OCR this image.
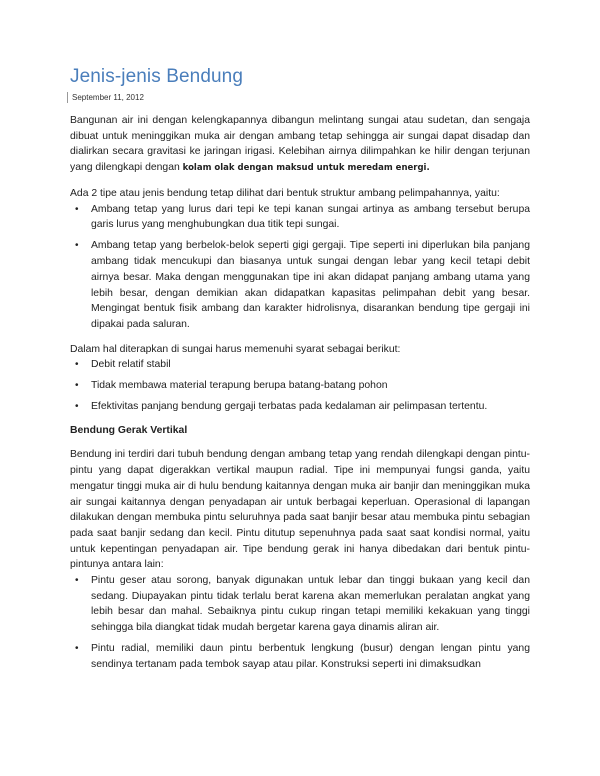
Jenis-jenis Bendung
September 11, 2012

Bangunan air ini dengan kelengkapannya dibangun melintang sungai atau sudetan, dan sengaja dibuat untuk meninggikan muka air dengan ambang tetap sehingga air sungai dapat disadap dan dialirkan secara gravitasi ke jaringan irigasi. Kelebihan airnya dilimpahkan ke hilir dengan terjunan yang dilengkapi dengan kolam olak dengan maksud untuk meredam energi.

Ada 2 tipe atau jenis bendung tetap dilihat dari bentuk struktur ambang pelimpahannya, yaitu:

• Ambang tetap yang lurus dari tepi ke tepi kanan sungai artinya as ambang tersebut berupa garis lurus yang menghubungkan dua titik tepi sungai.
• Ambang tetap yang berbelok-belok seperti gigi gergaji. Tipe seperti ini diperlukan bila panjang ambang tidak mencukupi dan biasanya untuk sungai dengan lebar yang kecil tetapi debit airnya besar. Maka dengan menggunakan tipe ini akan didapat panjang ambang utama yang lebih besar, dengan demikian akan didapatkan kapasitas pelimpahan debit yang besar. Mengingat bentuk fisik ambang dan karakter hidrolisnya, disarankan bendung tipe gergaji ini dipakai pada saluran.

Dalam hal diterapkan di sungai harus memenuhi syarat sebagai berikut:

• Debit relatif stabil
• Tidak membawa material terapung berupa batang-batang pohon
• Efektivitas panjang bendung gergaji terbatas pada kedalaman air pelimpasan tertentu.
Bendung Gerak Vertikal

Bendung ini terdiri dari tubuh bendung dengan ambang tetap yang rendah dilengkapi dengan pintu-pintu yang dapat digerakkan vertikal maupun radial. Tipe ini mempunyai fungsi ganda, yaitu mengatur tinggi muka air di hulu bendung kaitannya dengan muka air banjir dan meninggikan muka air sungai kaitannya dengan penyadapan air untuk berbagai keperluan. Operasional di lapangan dilakukan dengan membuka pintu seluruhnya pada saat banjir besar atau membuka pintu sebagian pada saat banjir sedang dan kecil. Pintu ditutup sepenuhnya pada saat saat kondisi normal, yaitu untuk kepentingan penyadapan air. Tipe bendung gerak ini hanya dibedakan dari bentuk pintu-pintunya antara lain:

• Pintu geser atau sorong, banyak digunakan untuk lebar dan tinggi bukaan yang kecil dan sedang. Diupayakan pintu tidak terlalu berat karena akan memerlukan peralatan angkat yang lebih besar dan mahal. Sebaiknya pintu cukup ringan tetapi memiliki kekakuan yang tinggi sehingga bila diangkat tidak mudah bergetar karena gaya dinamis aliran air.
• Pintu radial, memiliki daun pintu berbentuk lengkung (busur) dengan lengan pintu yang sendinya tertanam pada tembok sayap atau pilar. Konstruksi seperti ini dimaksudkan
